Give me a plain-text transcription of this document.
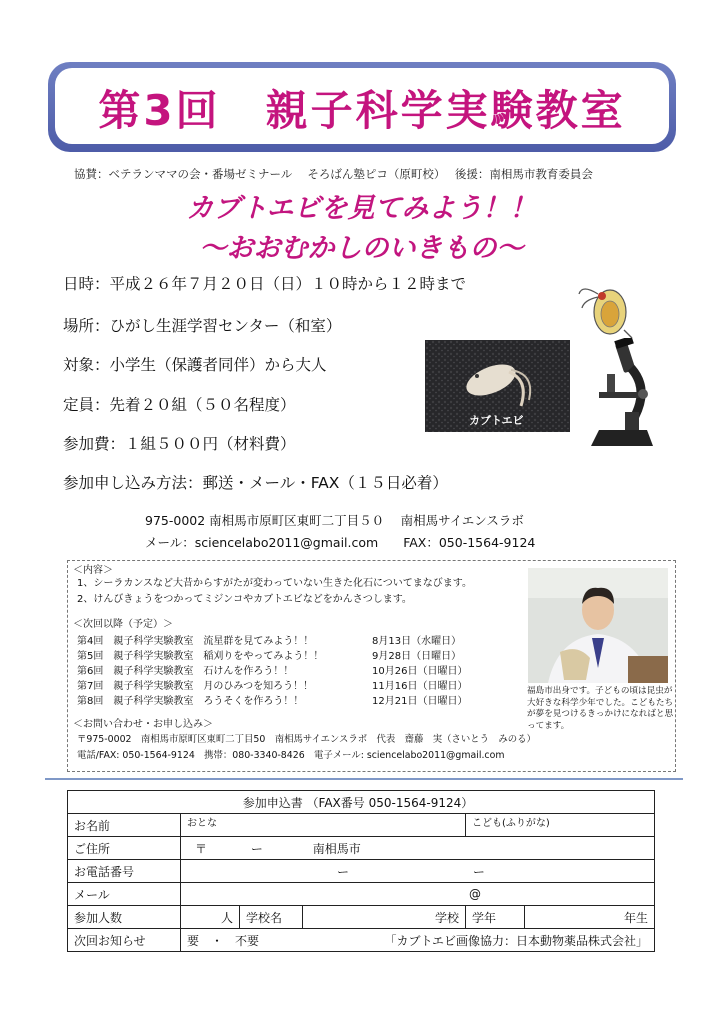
第3回　親子科学実験教室
協賛：ベテランママの会・番場ゼミナール　 そろばん塾ピコ（原町校）　 後援：南相馬市教育委員会
カブトエビを見てみよう！！
〜おおむかしのいきもの〜
日時：平成２６年７月２０日（日）１０時から１２時まで
場所：ひがし生涯学習センター（和室）
対象：小学生（保護者同伴）から大人
定員：先着２０組（５０名程度）
参加費：１組５００円（材料費）
参加申し込み方法：郵送・メール・FAX（１５日必着）
カブトエビ
975-0002 南相馬市原町区東町二丁目５０　 南相馬サイエンスラボ
メール：sciencelabo2011@gmail.com　　FAX：050-1564-9124
＜内容＞
1、シーラカンスなど大昔からすがたが変わっていない生きた化石についてまなびます。
2、けんびきょうをつかってミジンコやカブトエビなどをかんさつします。
＜次回以降（予定）＞
第4回　親子科学実験教室　流星群を見てみよう！！	8月13日（水曜日）
第5回　親子科学実験教室　稲刈りをやってみよう！！	9月28日（日曜日）
第6回　親子科学実験教室　石けんを作ろう！！	10月26日（日曜日）
第7回　親子科学実験教室　月のひみつを知ろう！！	11月16日（日曜日）
第8回　親子科学実験教室　ろうそくを作ろう！！	12月21日（日曜日）
＜お問い合わせ・お申し込み＞
〒975-0002　南相馬市原町区東町二丁目50　南相馬サイエンスラボ　代表　齋藤　実（さいとう　みのる）
電話/FAX: 050-1564-9124　携帯：080-3340-8426　電子メール: sciencelabo2011@gmail.com
福島市出身です。子どもの頃は昆虫が大好きな科学少年でした。こどもたちが夢を見つけるきっかけになればと思ってます。
参加申込書 （FAX番号 050-1564-9124）					
お名前	おとな			こども(ふりがな)	
ご住所	〒 ー 南相馬市				
お電話番号	ー ー				
メール	@				
参加人数	人	学校名	学校	学年	年生
次回お知らせ	要　・　不要 「カブトエビ画像協力：日本動物薬品株式会社」				
